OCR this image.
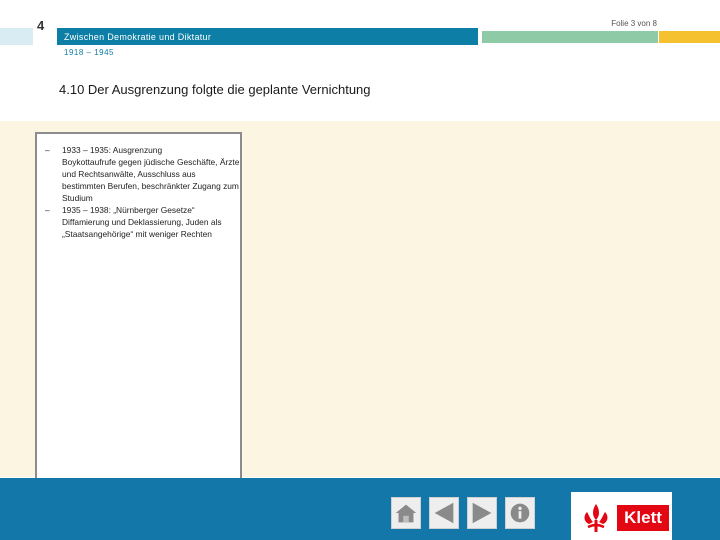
4	Folie 3 von 8
Zwischen Demokratie und Diktatur
1918 – 1945
4.10 Der Ausgrenzung folgte die geplante Vernichtung
–	1933 – 1935: Ausgrenzung
Boykottaufrufe gegen jüdische Geschäfte, Ärzte und Rechtsanwälte, Ausschluss aus bestimmten Berufen, beschränkter Zugang zum Studium
–	1935 – 1938: „Nürnberger Gesetze“
Diffamierung und Deklassierung, Juden als „Staatsangehörige“ mit weniger Rechten
Klett
